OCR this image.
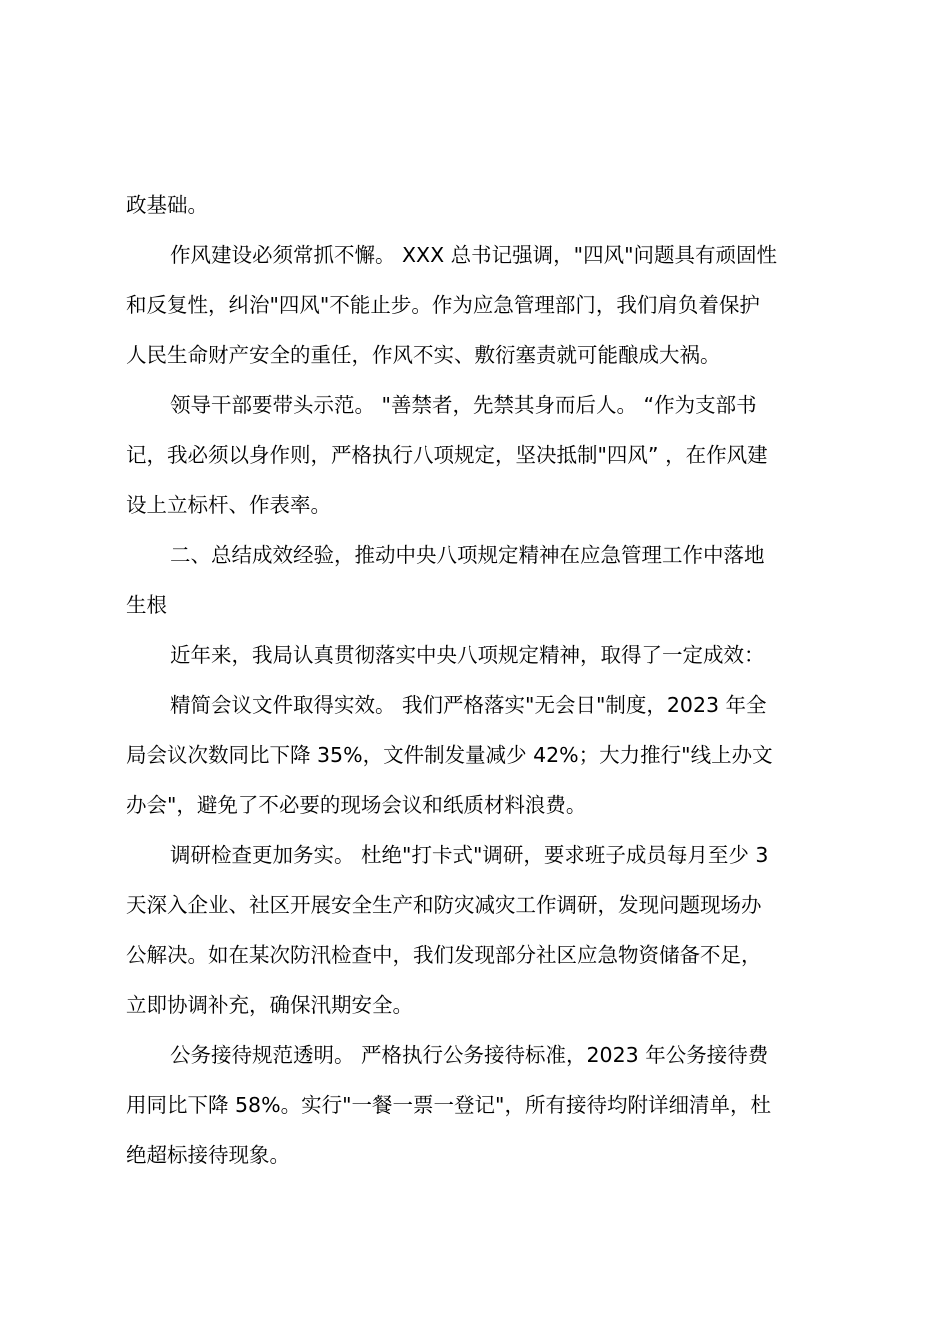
政基础。
作风建设必须常抓不懈。 XXX 总书记强调，"四风"问题具有顽固性
和反复性，纠治"四风"不能止步。作为应急管理部门，我们肩负着保护
人民生命财产安全的重任，作风不实、敷衍塞责就可能酿成大祸。
领导干部要带头示范。 "善禁者，先禁其身而后人。 “作为支部书
记，我必须以身作则，严格执行八项规定，坚决抵制"四风” ，在作风建
设上立标杆、作表率。
二、总结成效经验，推动中央八项规定精神在应急管理工作中落地
生根
近年来，我局认真贯彻落实中央八项规定精神，取得了一定成效：
精简会议文件取得实效。 我们严格落实"无会日"制度，2023 年全
局会议次数同比下降 35%，文件制发量减少 42%；大力推行"线上办文
办会"，避免了不必要的现场会议和纸质材料浪费。
调研检查更加务实。 杜绝"打卡式"调研，要求班子成员每月至少 3
天深入企业、社区开展安全生产和防灾减灾工作调研，发现问题现场办
公解决。如在某次防汛检查中，我们发现部分社区应急物资储备不足，
立即协调补充，确保汛期安全。
公务接待规范透明。 严格执行公务接待标准，2023 年公务接待费
用同比下降 58%。实行"一餐一票一登记"，所有接待均附详细清单，杜
绝超标接待现象。
